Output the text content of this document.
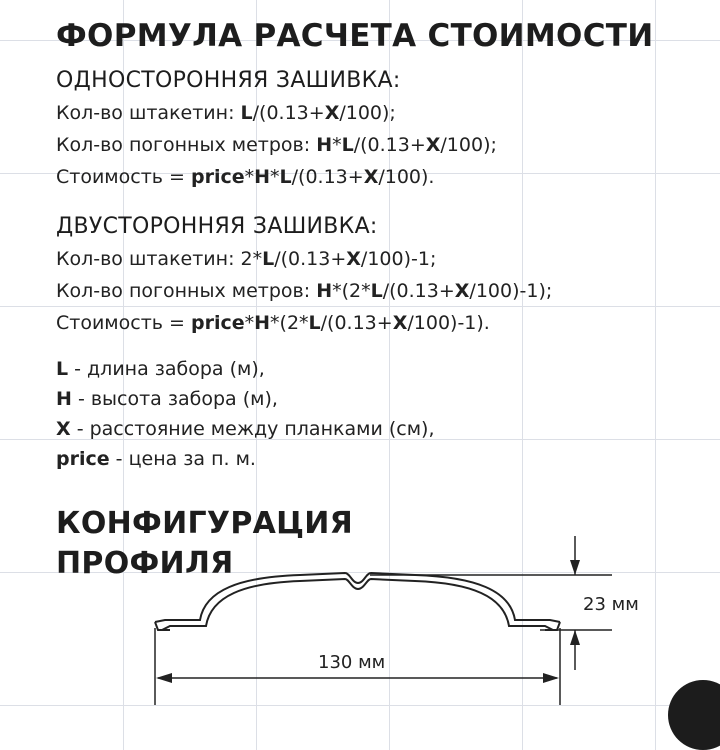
ФОРМУЛА РАСЧЕТА СТОИМОСТИ

ОДНОСТОРОННЯЯ ЗАШИВКА:

Кол-во штакетин: L/(0.13+X/100);

Кол-во погонных метров: H*L/(0.13+X/100);

Стоимость = price*H*L/(0.13+X/100).

ДВУСТОРОННЯЯ ЗАШИВКА:

Кол-во штакетин: 2*L/(0.13+X/100)-1;

Кол-во погонных метров: H*(2*L/(0.13+X/100)-1);

Стоимость = price*H*(2*L/(0.13+X/100)-1).

L - длина забора (м),

H - высота забора (м),

X - расстояние между планками (см),

price - цена за п. м.

КОНФИГУРАЦИЯ
ПРОФИЛЯ
23 мм
130 мм
